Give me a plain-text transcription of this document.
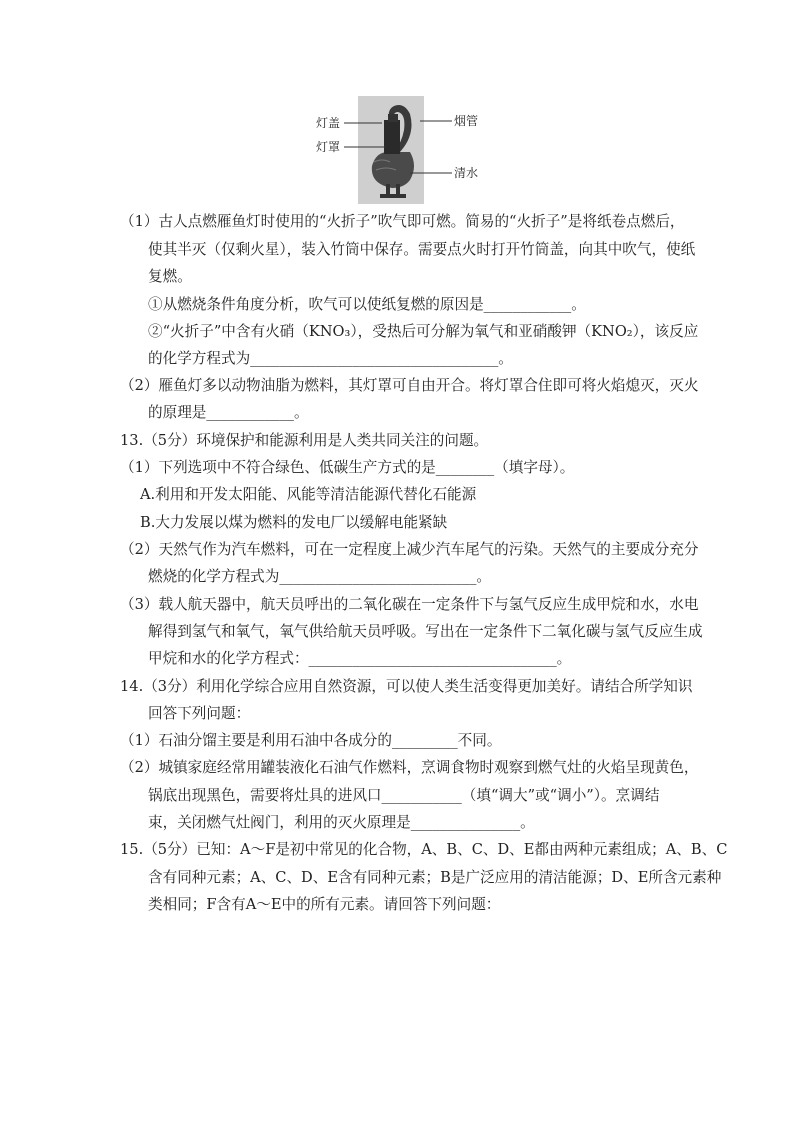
灯盖
灯罩
烟管
清水
（1）古人点燃雁鱼灯时使用的“火折子”吹气即可燃。简易的“火折子”是将纸卷点燃后，
使其半灭（仅剩火星），装入竹筒中保存。需要点火时打开竹筒盖，向其中吹气，使纸
复燃。
①从燃烧条件角度分析，吹气可以使纸复燃的原因是____________。
②“火折子”中含有火硝（KNO₃），受热后可分解为氧气和亚硝酸钾（KNO₂），该反应
的化学方程式为__________________________________。
（2）雁鱼灯多以动物油脂为燃料，其灯罩可自由开合。将灯罩合住即可将火焰熄灭，灭火
的原理是____________。
13.（5分）环境保护和能源利用是人类共同关注的问题。
（1）下列选项中不符合绿色、低碳生产方式的是________（填字母）。
A.利用和开发太阳能、风能等清洁能源代替化石能源
B.大力发展以煤为燃料的发电厂以缓解电能紧缺
（2）天然气作为汽车燃料，可在一定程度上减少汽车尾气的污染。天然气的主要成分充分
燃烧的化学方程式为___________________________。
（3）载人航天器中，航天员呼出的二氧化碳在一定条件下与氢气反应生成甲烷和水，水电
解得到氢气和氧气，氧气供给航天员呼吸。写出在一定条件下二氧化碳与氢气反应生成
甲烷和水的化学方程式：__________________________________。
14.（3分）利用化学综合应用自然资源，可以使人类生活变得更加美好。请结合所学知识
回答下列问题：
（1）石油分馏主要是利用石油中各成分的_________不同。
（2）城镇家庭经常用罐装液化石油气作燃料，烹调食物时观察到燃气灶的火焰呈现黄色，
锅底出现黑色，需要将灶具的进风口___________（填“调大”或“调小”）。烹调结
束，关闭燃气灶阀门，利用的灭火原理是_______________。
15.（5分）已知：A～F是初中常见的化合物，A、B、C、D、E都由两种元素组成；A、B、C
含有同种元素；A、C、D、E含有同种元素；B是广泛应用的清洁能源；D、E所含元素种
类相同；F含有A～E中的所有元素。请回答下列问题：
